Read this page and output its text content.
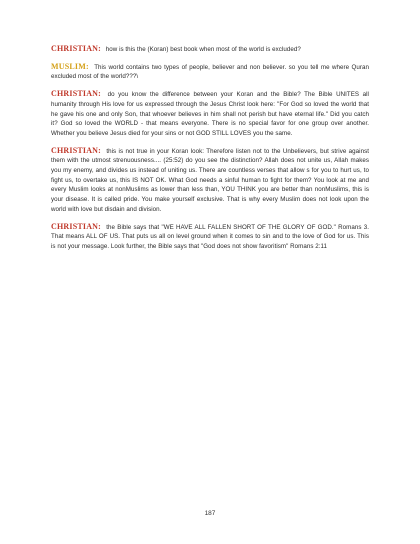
CHRISTIAN: how is this the (Koran) best book when most of the world is excluded?

MUSLIM: This world contains two types of people, believer and non believer. so you tell me where Quran excluded most of the world???\

CHRISTIAN: do you know the difference between your Koran and the Bible? The Bible UNITES all humanity through His love for us expressed through the Jesus Christ look here: "For God so loved the world that he gave his one and only Son, that whoever believes in him shall not perish but have eternal life." Did you catch it? God so loved the WORLD - that means everyone. There is no special favor for one group over another. Whether you believe Jesus died for your sins or not GOD STILL LOVES you the same.

CHRISTIAN: this is not true in your Koran look: Therefore listen not to the Unbelievers, but strive against them with the utmost strenuousness.... (25:52) do you see the distinction? Allah does not unite us, Allah makes you my enemy, and divides us instead of uniting us. There are countless verses that allow s for you to hurt us, to fight us, to overtake us, this IS NOT OK. What God needs a sinful human to fight for them? You look at me and every Muslim looks at nonMuslims as lower than less than, YOU THINK you are better than nonMuslims, this is your disease. It is called pride. You make yourself exclusive. That is why every Muslim does not look upon the world with love but disdain and division.

CHRISTIAN: the Bible says that "WE HAVE ALL FALLEN SHORT OF THE GLORY OF GOD." Romans 3. That means ALL OF US. That puts us all on level ground when it comes to sin and to the love of God for us. This is not your message. Look further, the Bible says that "God does not show favoritism" Romans 2:11

187
